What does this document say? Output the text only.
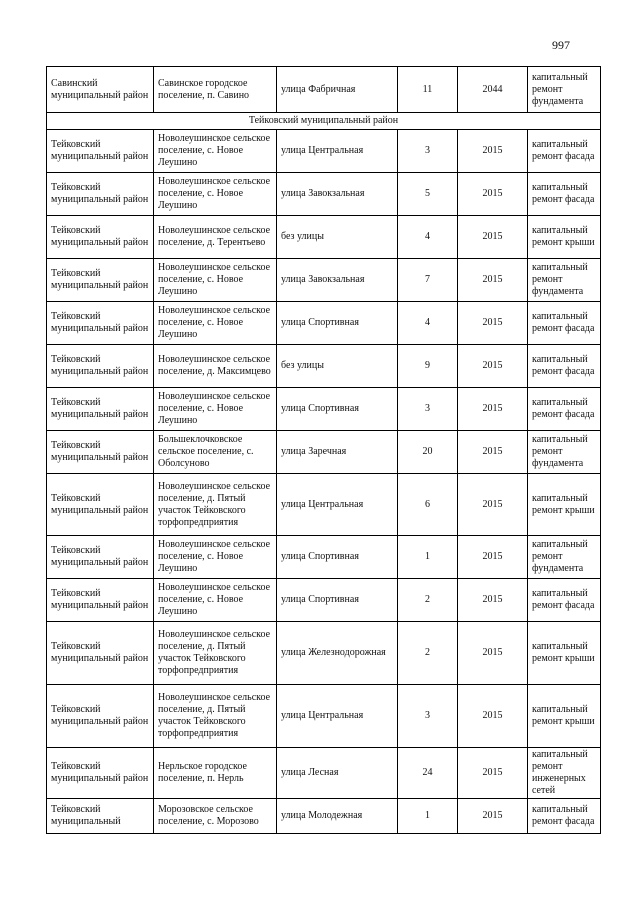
997
Савинский муниципальный район	Савинское городское поселение, п. Савино	улица Фабричная	11	2044	капитальный ремонт фундамента
Тейковский муниципальный район					
Тейковский муниципальный район	Новолеушинское сельское поселение, с. Новое Леушино	улица Центральная	3	2015	капитальный ремонт фасада
Тейковский муниципальный район	Новолеушинское сельское поселение, с. Новое Леушино	улица Завокзальная	5	2015	капитальный ремонт фасада
Тейковский муниципальный район	Новолеушинское сельское поселение, д. Терентьево	без улицы	4	2015	капитальный ремонт крыши
Тейковский муниципальный район	Новолеушинское сельское поселение, с. Новое Леушино	улица Завокзальная	7	2015	капитальный ремонт фундамента
Тейковский муниципальный район	Новолеушинское сельское поселение, с. Новое Леушино	улица Спортивная	4	2015	капитальный ремонт фасада
Тейковский муниципальный район	Новолеушинское сельское поселение, д. Максимцево	без улицы	9	2015	капитальный ремонт фасада
Тейковский муниципальный район	Новолеушинское сельское поселение, с. Новое Леушино	улица Спортивная	3	2015	капитальный ремонт фасада
Тейковский муниципальный район	Большеклочковское сельское поселение, с. Оболсуново	улица Заречная	20	2015	капитальный ремонт фундамента
Тейковский муниципальный район	Новолеушинское сельское поселение, д. Пятый участок Тейковского торфопредприятия	улица Центральная	6	2015	капитальный ремонт крыши
Тейковский муниципальный район	Новолеушинское сельское поселение, с. Новое Леушино	улица Спортивная	1	2015	капитальный ремонт фундамента
Тейковский муниципальный район	Новолеушинское сельское поселение, с. Новое Леушино	улица Спортивная	2	2015	капитальный ремонт фасада
Тейковский муниципальный район	Новолеушинское сельское поселение, д. Пятый участок Тейковского торфопредприятия	улица Железнодорожная	2	2015	капитальный ремонт крыши
Тейковский муниципальный район	Новолеушинское сельское поселение, д. Пятый участок Тейковского торфопредприятия	улица Центральная	3	2015	капитальный ремонт крыши
Тейковский муниципальный район	Нерльское городское поселение, п. Нерль	улица Лесная	24	2015	капитальный ремонт инженерных сетей
Тейковский муниципальный	Морозовское сельское поселение, с. Морозово	улица Молодежная	1	2015	капитальный ремонт фасада
